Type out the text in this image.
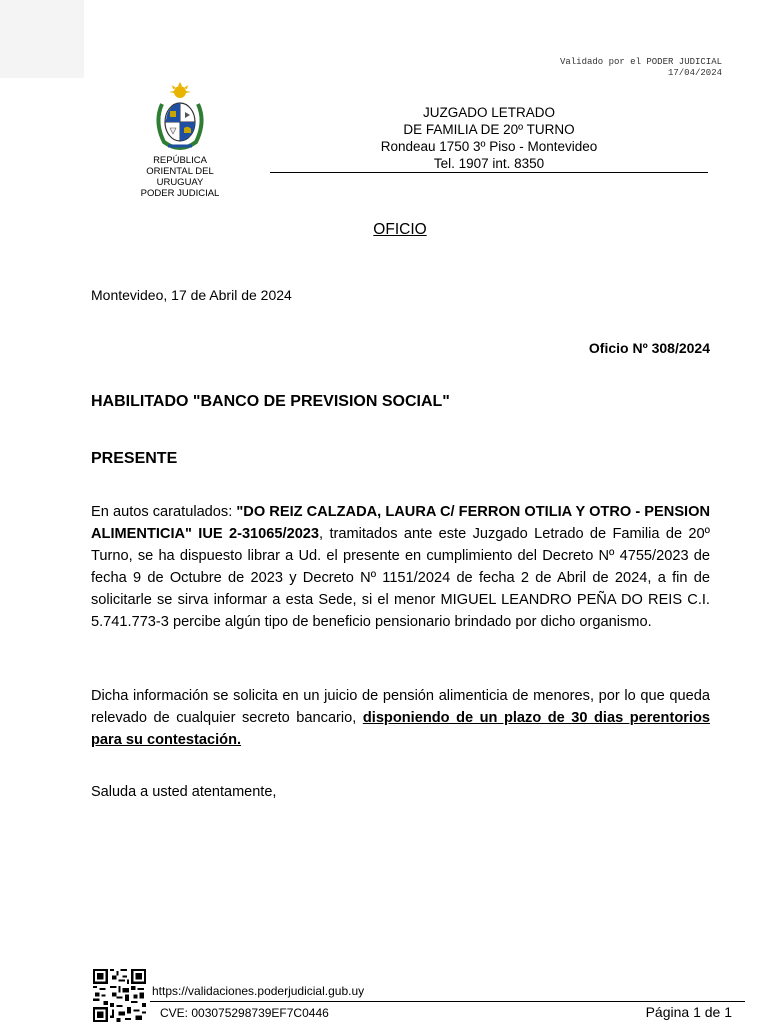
Validado por el PODER JUDICIAL
17/04/2024
REPÚBLICA
ORIENTAL DEL
URUGUAY
PODER JUDICIAL
JUZGADO LETRADO
DE FAMILIA DE 20º TURNO
Rondeau 1750 3º Piso - Montevideo
Tel. 1907 int. 8350
OFICIO
Montevideo, 17 de Abril de 2024
Oficio Nº 308/2024
HABILITADO "BANCO DE PREVISION SOCIAL"
PRESENTE
En autos caratulados: "DO REIZ CALZADA, LAURA C/ FERRON OTILIA Y OTRO - PENSION ALIMENTICIA" IUE 2-31065/2023, tramitados ante este Juzgado Letrado de Familia de 20º Turno, se ha dispuesto librar a Ud. el presente en cumplimiento del Decreto Nº 4755/2023 de fecha 9 de Octubre de 2023 y Decreto Nº 1151/2024 de fecha 2 de Abril de 2024, a fin de solicitarle se sirva informar a esta Sede, si el menor MIGUEL LEANDRO PEÑA DO REIS C.I. 5.741.773-3 percibe algún tipo de beneficio pensionario brindado por dicho organismo.
Dicha información se solicita en un juicio de pensión alimenticia de menores, por lo que queda relevado de cualquier secreto bancario, disponiendo de un plazo de 30 dias perentorios para su contestación.
Saluda a usted atentamente,
https://validaciones.poderjudicial.gub.uy
CVE: 003075298739EF7C0446	Página 1 de 1
